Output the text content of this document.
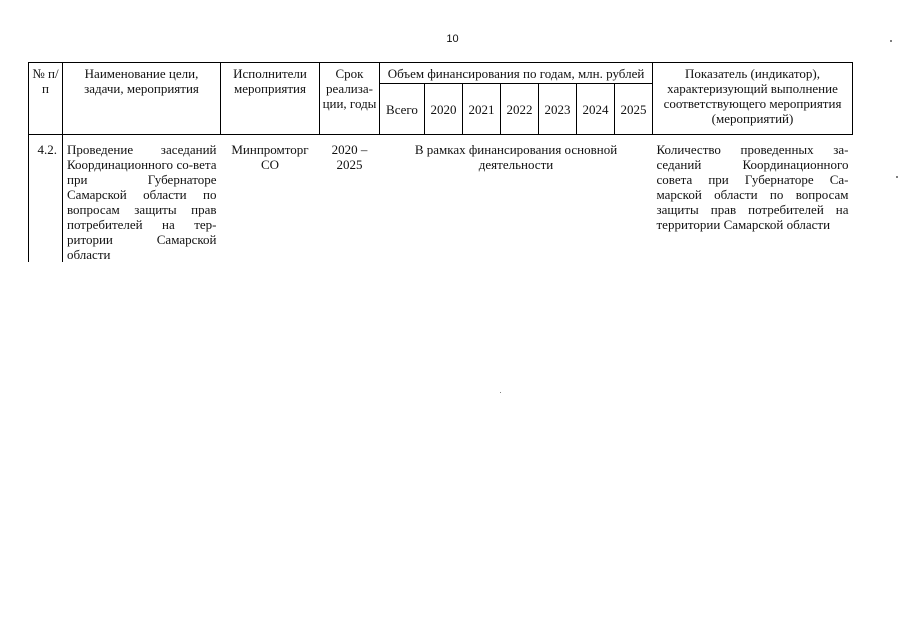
10
№ п/п	Наименование цели, задачи, мероприятия	Исполнители мероприятия	Срок реализа-ции, годы	Объем финансирования по годам, млн. рублей							Показатель (индикатор), характеризующий выполнение соответствующего мероприятия (мероприятий)
				Всего	2020	2021	2022	2023	2024	2025	
4.2.	Проведение заседаний Координационного со-вета при Губернаторе Самарской области по вопросам защиты прав потребителей на тер-ритории Самарской области	Минпромторг СО	2020 – 2025	В рамках финансирования основной деятельности							Количество проведенных за-седаний Координационного совета при Губернаторе Са-марской области по вопросам защиты прав потребителей на территории Самарской области
